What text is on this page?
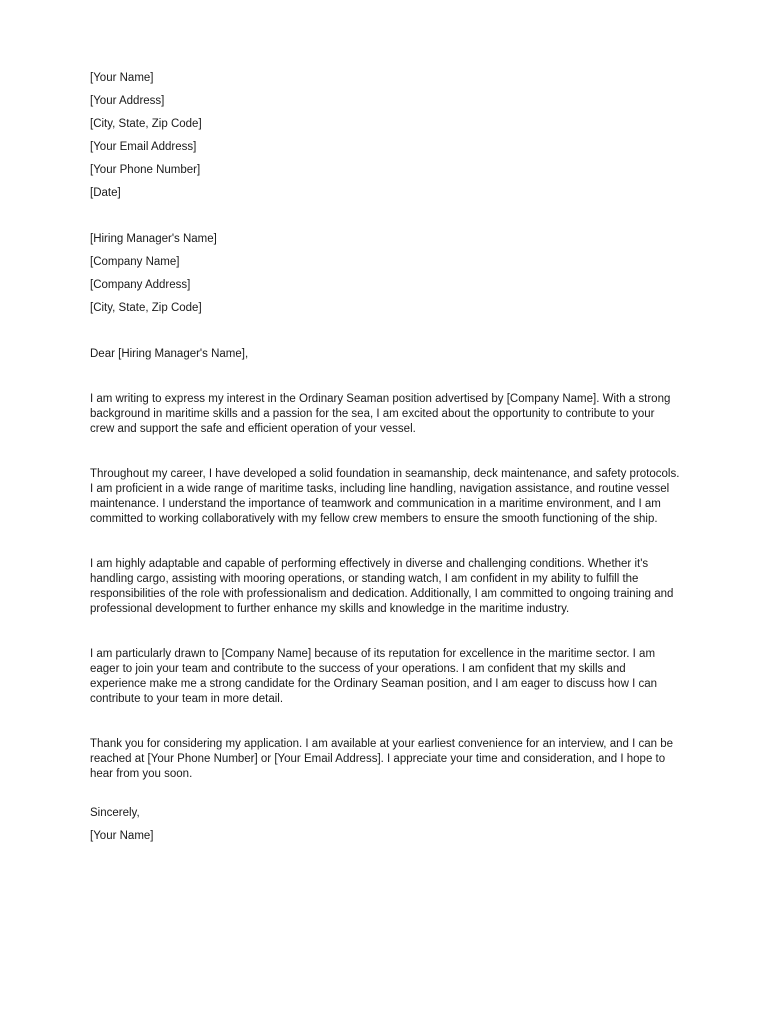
[Your Name]
[Your Address]
[City, State, Zip Code]
[Your Email Address]
[Your Phone Number]
[Date]
[Hiring Manager's Name]
[Company Name]
[Company Address]
[City, State, Zip Code]
Dear [Hiring Manager's Name],
I am writing to express my interest in the Ordinary Seaman position advertised by [Company Name]. With a strong background in maritime skills and a passion for the sea, I am excited about the opportunity to contribute to your crew and support the safe and efficient operation of your vessel.
Throughout my career, I have developed a solid foundation in seamanship, deck maintenance, and safety protocols. I am proficient in a wide range of maritime tasks, including line handling, navigation assistance, and routine vessel maintenance. I understand the importance of teamwork and communication in a maritime environment, and I am committed to working collaboratively with my fellow crew members to ensure the smooth functioning of the ship.
I am highly adaptable and capable of performing effectively in diverse and challenging conditions. Whether it's handling cargo, assisting with mooring operations, or standing watch, I am confident in my ability to fulfill the responsibilities of the role with professionalism and dedication. Additionally, I am committed to ongoing training and professional development to further enhance my skills and knowledge in the maritime industry.
I am particularly drawn to [Company Name] because of its reputation for excellence in the maritime sector. I am eager to join your team and contribute to the success of your operations. I am confident that my skills and experience make me a strong candidate for the Ordinary Seaman position, and I am eager to discuss how I can contribute to your team in more detail.
Thank you for considering my application. I am available at your earliest convenience for an interview, and I can be reached at [Your Phone Number] or [Your Email Address]. I appreciate your time and consideration, and I hope to hear from you soon.
Sincerely,
[Your Name]
